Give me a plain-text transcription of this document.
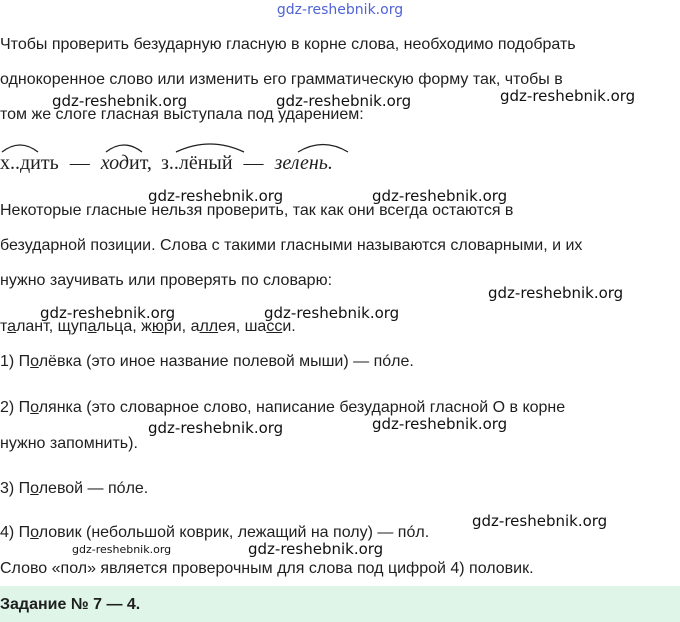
gdz-reshebnik.org
Чтобы проверить безударную гласную в корне слова, необходимо подобрать
однокоренное слово или изменить его грамматическую форму так, чтобы в
том же слоге гласная выступала под ударением:
х..дить — ходит, з..лёный — зелень.
Некоторые гласные нельзя проверить, так как они всегда остаются в
безударной позиции. Слова с такими гласными называются словарными, и их
нужно заучивать или проверять по словарю:
талант, щупальца, жюри, аллея, шасси.
1) Полёвка (это иное название полевой мыши) — пóле.
2) Полянка (это словарное слово, написание безударной гласной О в корне
нужно запомнить).
3) Полевой — пóле.
4) Половик (небольшой коврик, лежащий на полу) — пóл.
Слово «пол» является проверочным для слова под цифрой 4) половик.
Задание № 7 — 4.
gdz-reshebnik.org	gdz-reshebnik.org	gdz-reshebnik.org
gdz-reshebnik.org	gdz-reshebnik.org
gdz-reshebnik.org
gdz-reshebnik.org	gdz-reshebnik.org
gdz-reshebnik.org	gdz-reshebnik.org
gdz-reshebnik.org
gdz-reshebnik.org	gdz-reshebnik.org
